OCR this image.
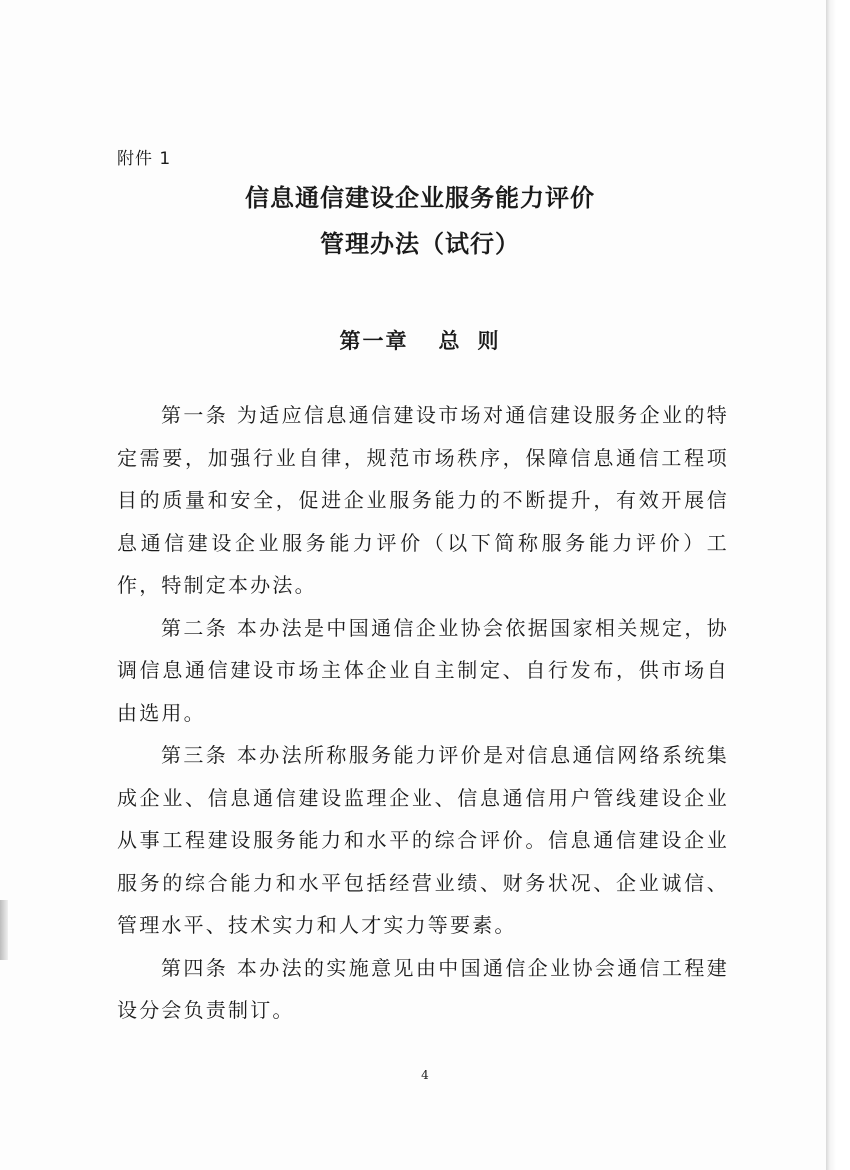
附件 1
信息通信建设企业服务能力评价
管理办法（试行）
第一章 总 则

第一条 为适应信息通信建设市场对通信建设服务企业的特定需要，加强行业自律，规范市场秩序，保障信息通信工程项目的质量和安全，促进企业服务能力的不断提升，有效开展信息通信建设企业服务能力评价（以下简称服务能力评价）工作，特制定本办法。

第二条 本办法是中国通信企业协会依据国家相关规定，协调信息通信建设市场主体企业自主制定、自行发布，供市场自由选用。

第三条 本办法所称服务能力评价是对信息通信网络系统集成企业、信息通信建设监理企业、信息通信用户管线建设企业从事工程建设服务能力和水平的综合评价。信息通信建设企业服务的综合能力和水平包括经营业绩、财务状况、企业诚信、管理水平、技术实力和人才实力等要素。

第四条 本办法的实施意见由中国通信企业协会通信工程建设分会负责制订。

4
